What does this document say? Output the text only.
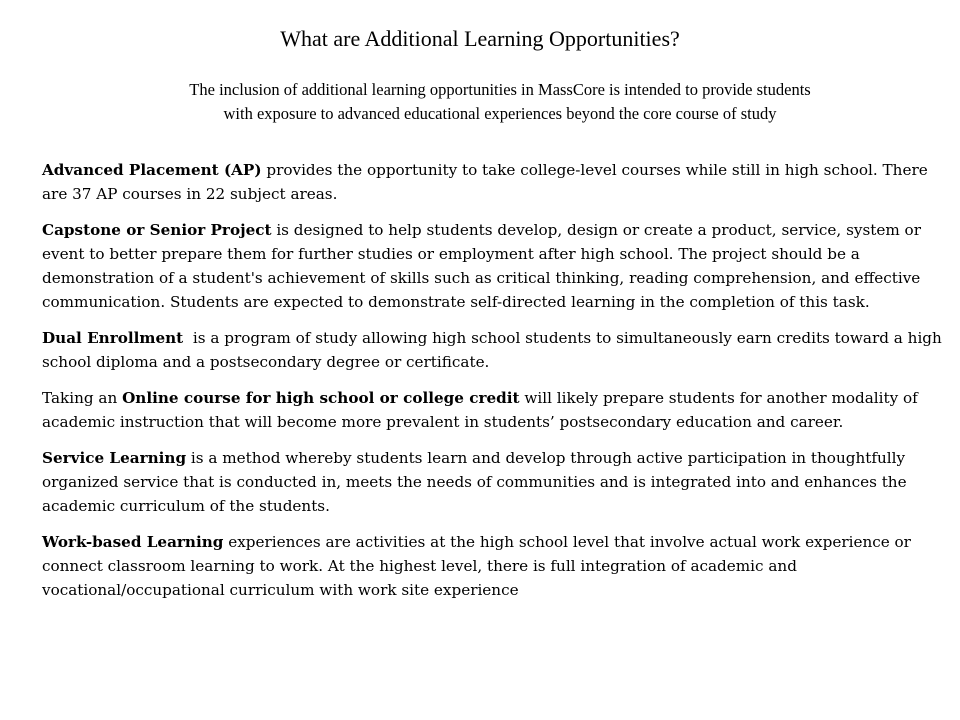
What are Additional Learning Opportunities?
The inclusion of additional learning opportunities in MassCore is intended to provide students
with exposure to advanced educational experiences beyond the core course of study

Advanced Placement (AP) provides the opportunity to take college-level courses while still in high school. There are 37 AP courses in 22 subject areas.

Capstone or Senior Project is designed to help students develop, design or create a product, service, system or event to better prepare them for further studies or employment after high school. The project should be a demonstration of a student's achievement of skills such as critical thinking, reading comprehension, and effective communication. Students are expected to demonstrate self-directed learning in the completion of this task.

Dual Enrollment  is a program of study allowing high school students to simultaneously earn credits toward a high school diploma and a postsecondary degree or certificate.

Taking an Online course for high school or college credit will likely prepare students for another modality of academic instruction that will become more prevalent in students’ postsecondary education and career.

Service Learning is a method whereby students learn and develop through active participation in thoughtfully organized service that is conducted in, meets the needs of communities and is integrated into and enhances the academic curriculum of the students.

Work-based Learning experiences are activities at the high school level that involve actual work experience or connect classroom learning to work. At the highest level, there is full integration of academic and vocational/occupational curriculum with work site experience
